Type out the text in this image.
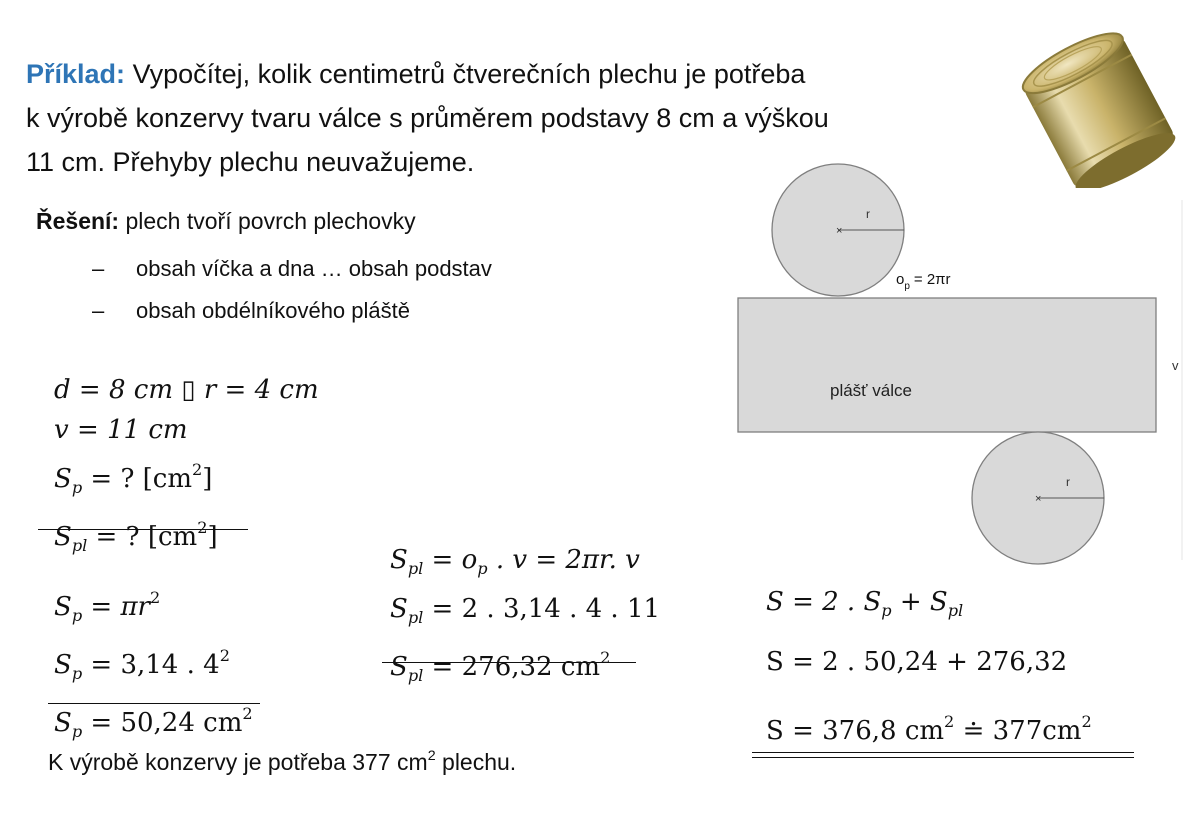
Příklad: Vypočítej, kolik centimetrů čtverečních plechu je potřeba
k výrobě konzervy tvaru válce s průměrem podstavy 8 cm a výškou
11 cm. Přehyby plechu neuvažujeme.
Řešení: plech tvoří povrch plechovky
– obsah víčka a dna … obsah podstav
– obsah obdélníkového pláště
d = 8 cm ▯ r = 4 cm
v = 11 cm
$S_p$ = ? $[cm^2]$
$S_{pl}$ = ? $[cm^2]$
$S_p = \pi r^2$
$S_p = 3,14$ . $4^2$
$S_p = 50,24$ $cm^2$
$S_{pl} = o_p$ . v = 2πr. v
$S_{pl} = 2$ . 3,14 . 4 . 11
$S_{pl} = 276,32$ $cm^2$
S = 2 . $S_p + S_{pl}$
S = 2 . 50,24 + 276,32
S = 376,8 $cm^2$ ≐ $377cm^2$
×
r
$o_p = 2\pi r$
plášť válce
v
×
r
K výrobě konzervy je potřeba 377 $cm^2$ plechu.
